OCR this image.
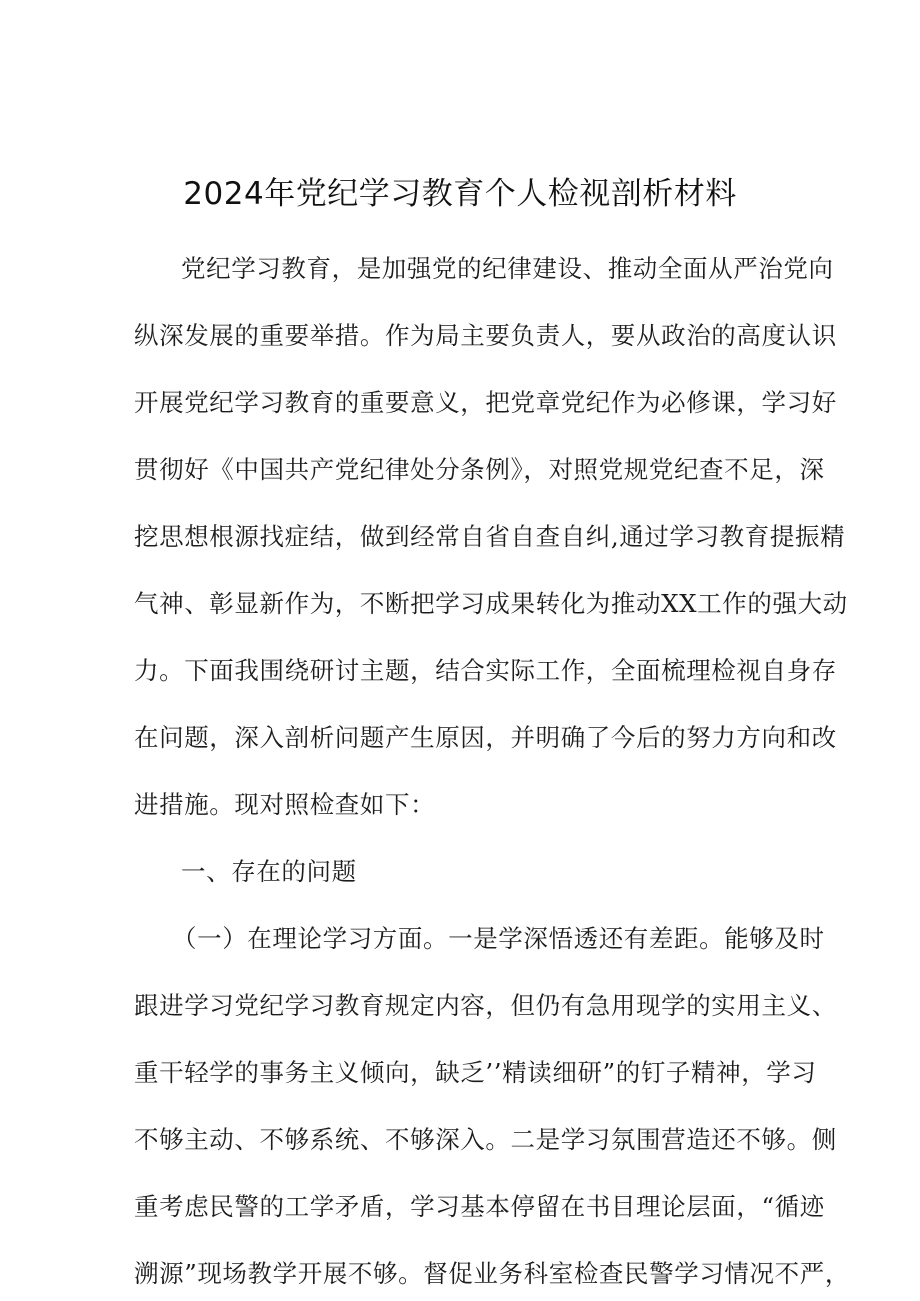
2024年党纪学习教育个人检视剖析材料

党纪学习教育，是加强党的纪律建设、推动全面从严治党向

纵深发展的重要举措。作为局主要负责人，要从政治的高度认识

开展党纪学习教育的重要意义，把党章党纪作为必修课，学习好

贯彻好《中国共产党纪律处分条例》，对照党规党纪查不足，深

挖思想根源找症结，做到经常自省自查自纠,通过学习教育提振精

气神、彰显新作为，不断把学习成果转化为推动XX工作的强大动

力。下面我围绕研讨主题，结合实际工作，全面梳理检视自身存

在问题，深入剖析问题产生原因，并明确了今后的努力方向和改

进措施。现对照检查如下：

一、存在的问题

（一）在理论学习方面。一是学深悟透还有差距。能够及时

跟进学习党纪学习教育规定内容，但仍有急用现学的实用主义、

重干轻学的事务主义倾向，缺乏’’精读细研”的钉子精神，学习

不够主动、不够系统、不够深入。二是学习氛围营造还不够。侧

重考虑民警的工学矛盾，学习基本停留在书目理论层面，“循迹

溯源”现场教学开展不够。督促业务科室检查民警学习情况不严，
